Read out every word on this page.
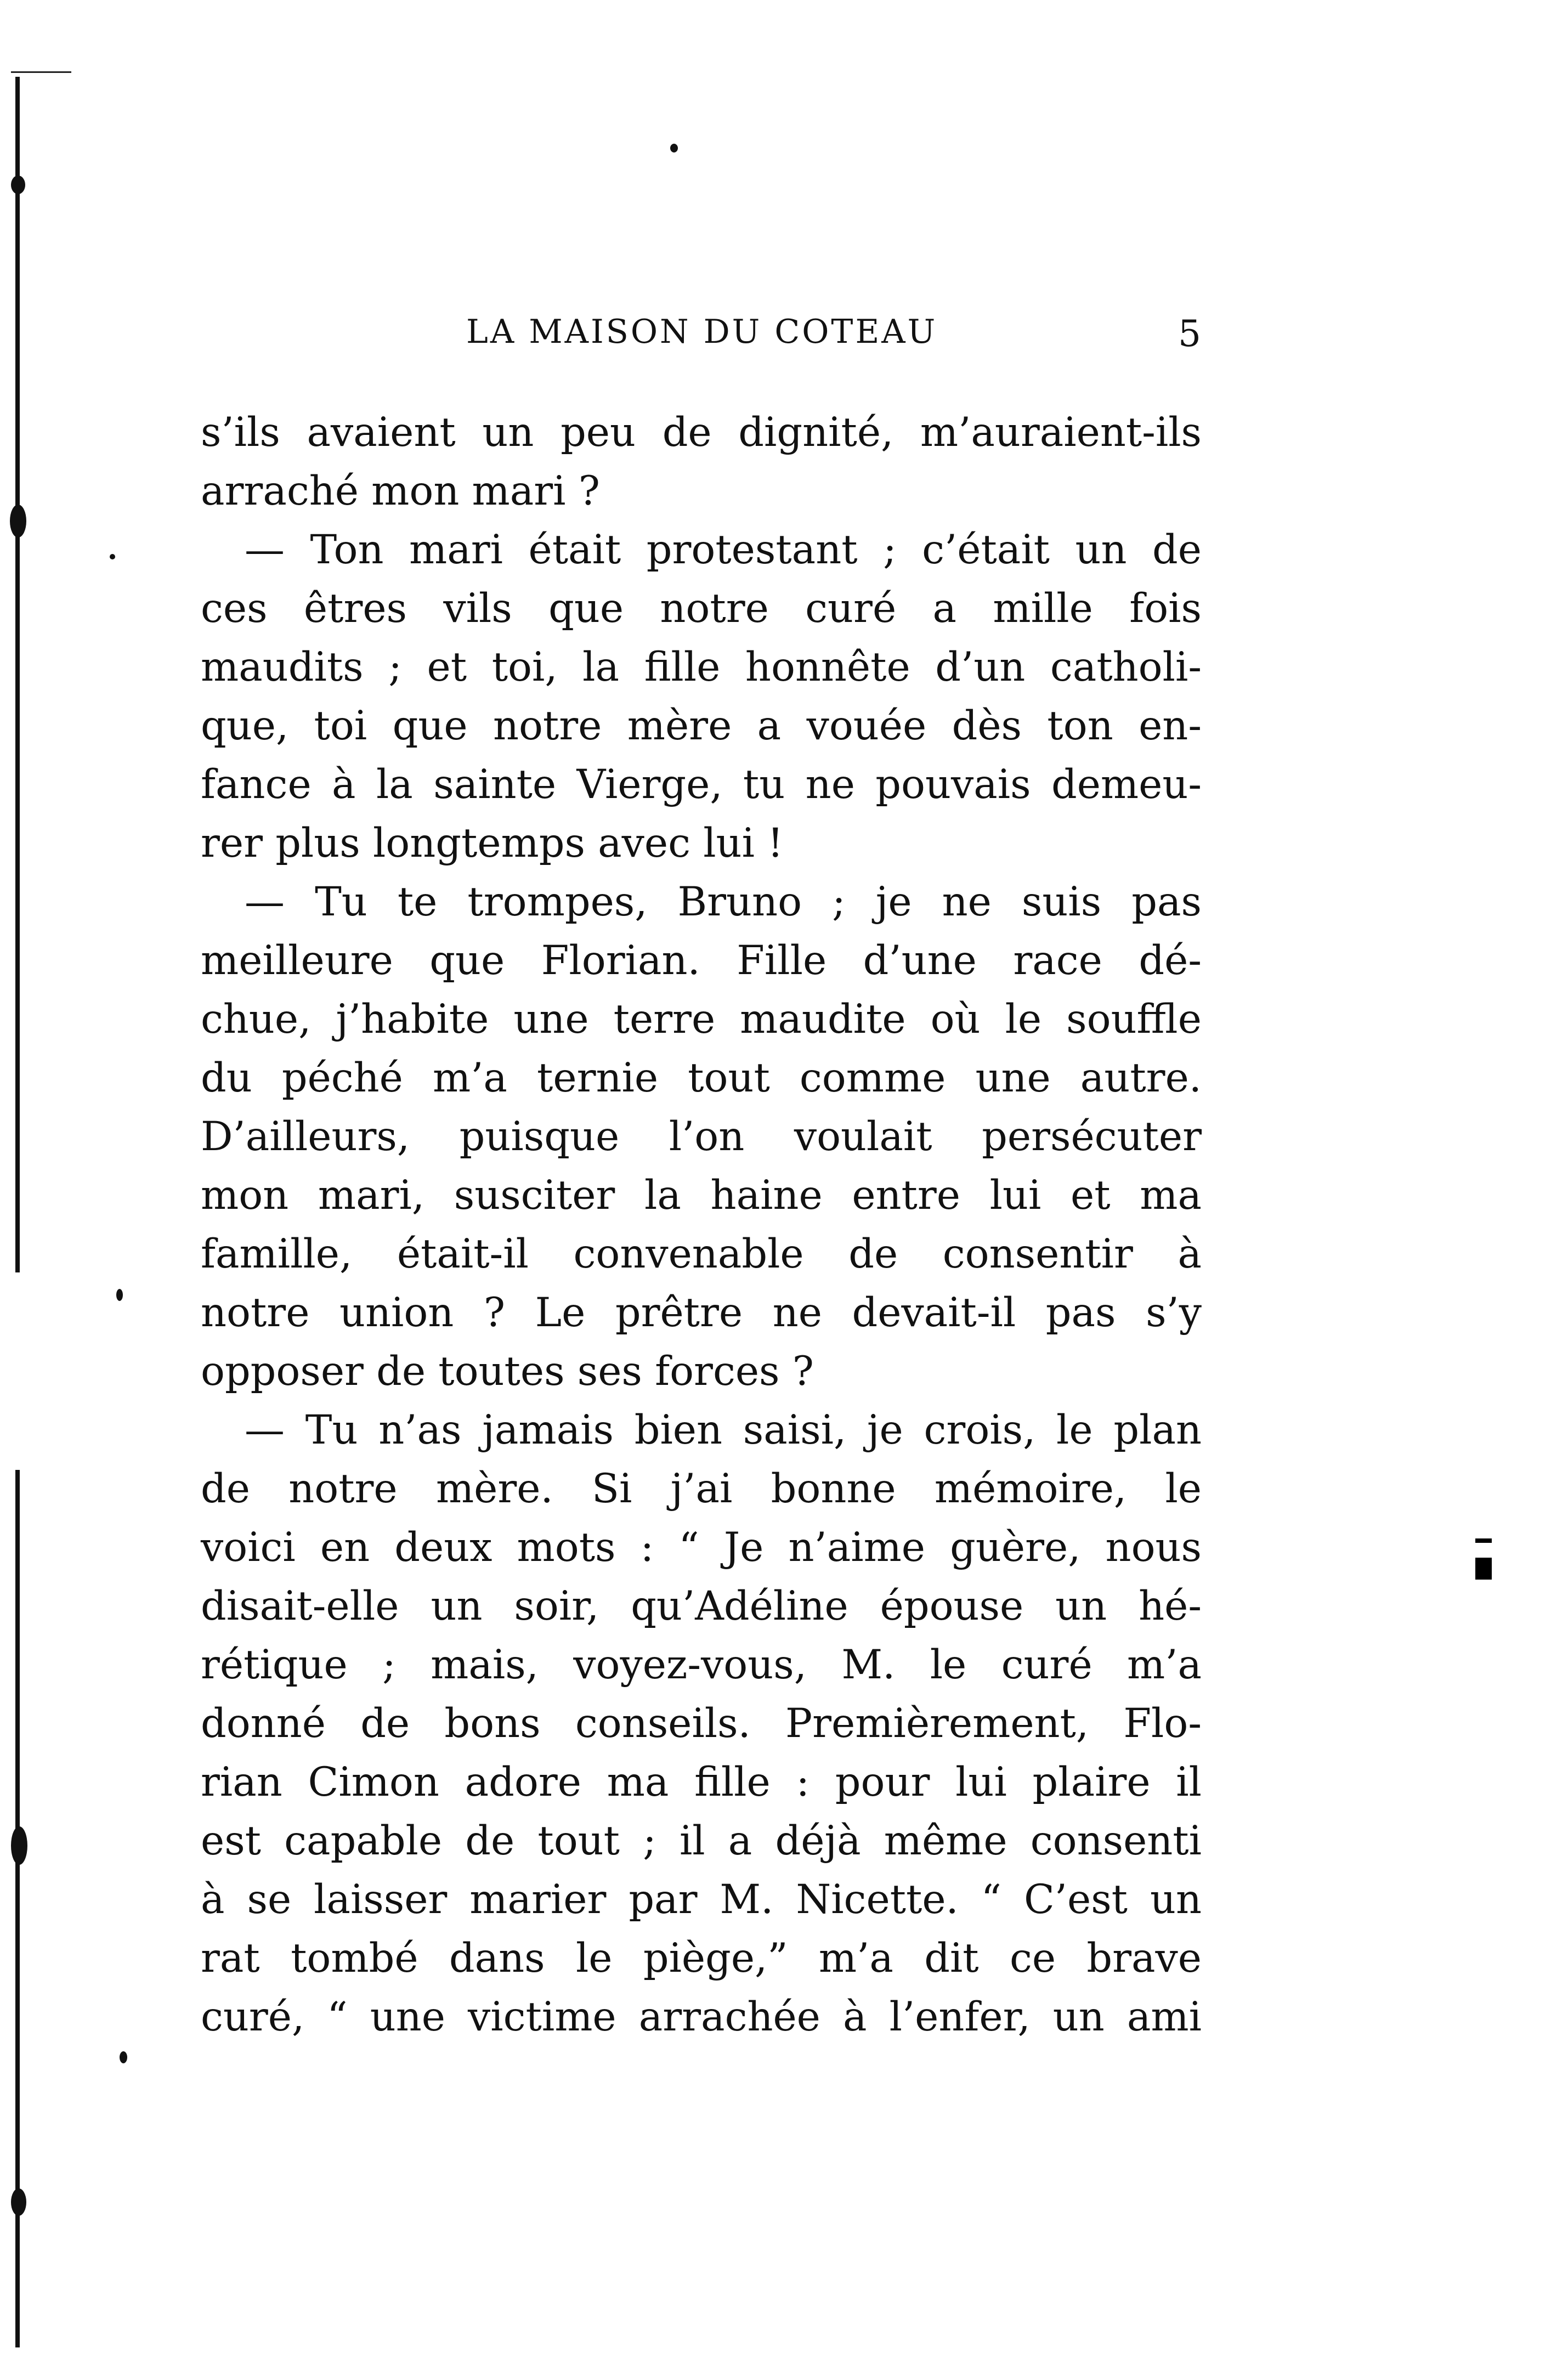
LA MAISON DU COTEAU	5
s’ils avaient un peu de dignité, m’auraient-ils
arraché mon mari ?
— Ton mari était protestant ; c’était un de
ces êtres vils que notre curé a mille fois
maudits ; et toi, la fille honnête d’un catholi-
que, toi que notre mère a vouée dès ton en-
fance à la sainte Vierge, tu ne pouvais demeu-
rer plus longtemps avec lui !
— Tu te trompes, Bruno ; je ne suis pas
meilleure que Florian. Fille d’une race dé-
chue, j’habite une terre maudite où le souffle
du péché m’a ternie tout comme une autre.
D’ailleurs, puisque l’on voulait persécuter
mon mari, susciter la haine entre lui et ma
famille, était-il convenable de consentir à
notre union ? Le prêtre ne devait-il pas s’y
opposer de toutes ses forces ?
— Tu n’as jamais bien saisi, je crois, le plan
de notre mère. Si j’ai bonne mémoire, le
voici en deux mots : “ Je n’aime guère, nous
disait-elle un soir, qu’Adéline épouse un hé-
rétique ; mais, voyez-vous, M. le curé m’a
donné de bons conseils. Premièrement, Flo-
rian Cimon adore ma fille : pour lui plaire il
est capable de tout ; il a déjà même consenti
à se laisser marier par M. Nicette. “ C’est un
rat tombé dans le piège,” m’a dit ce brave
curé, “ une victime arrachée à l’enfer, un ami
